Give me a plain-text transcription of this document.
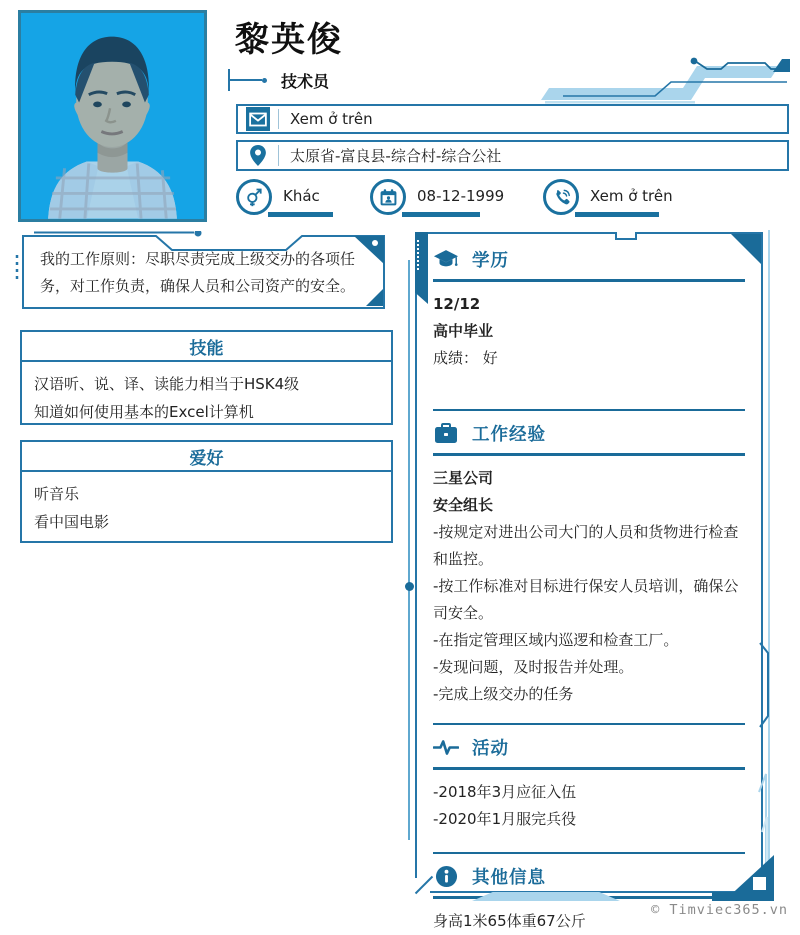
黎英俊
技术员
Xem ở trên
太原省-富良县-综合村-综合公社
Khác	08-12-1999	Xem ở trên

我的工作原则：尽职尽责完成上级交办的各项任务，对工作负责，确保人员和公司资产的安全。

技能

汉语听、说、译、读能力相当于HSK4级

知道如何使用基本的Excel计算机

爱好

听音乐

看中国电影

学历

12/12

高中毕业

成绩： 好

工作经验

三星公司

安全组长

-按规定对进出公司大门的人员和货物进行检查和监控。

-按工作标准对目标进行保安人员培训，确保公司安全。

-在指定管理区域内巡逻和检查工厂。

-发现问题，及时报告并处理。

-完成上级交办的任务

活动

-2018年3月应征入伍

-2020年1月服完兵役

其他信息

身高1米65体重67公斤

© Timviec365.vn
